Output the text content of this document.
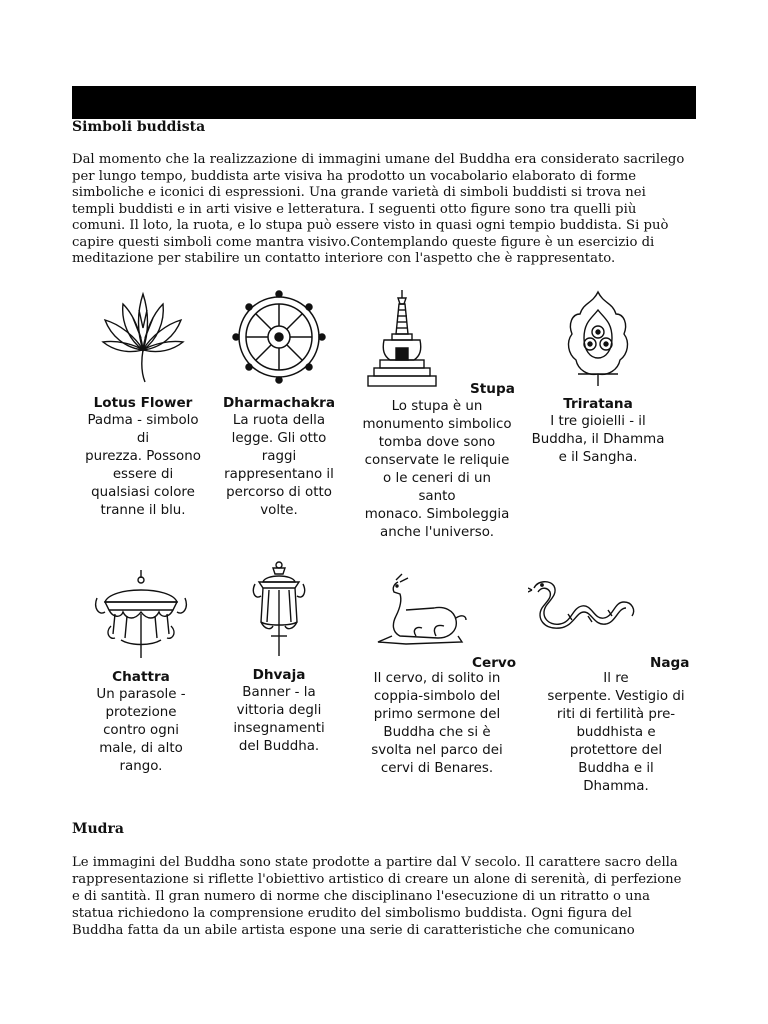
Simboli buddista
Dal momento che la realizzazione di immagini umane del Buddha era considerato sacrilego
per lungo tempo, buddista arte visiva ha prodotto un vocabolario elaborato di forme
simboliche e iconici di espressioni. Una grande varietà di simboli buddisti si trova nei
templi buddisti e in arti visive e letteratura. I seguenti otto figure sono tra quelli più
comuni. Il loto, la ruota, e lo stupa può essere visto in quasi ogni tempio buddista. Si può
capire questi simboli come mantra visivo.Contemplando queste figure è un esercizio di
meditazione per stabilire un contatto interiore con l'aspetto che è rappresentato.
Lotus Flower
Padma - simbolo
di
purezza. Possono
essere di
qualsiasi colore
tranne il blu.
Dharmachakra
La ruota della
legge. Gli otto
raggi
rappresentano il
percorso di otto
volte.
Stupa
Lo stupa è un
monumento simbolico
tomba dove sono
conservate le reliquie
o le ceneri di un
santo
monaco. Simboleggia
anche l'universo.
Triratana
I tre gioielli - il
Buddha, il Dhamma
e il Sangha.
Chattra
Un parasole -
protezione
contro ogni
male, di alto
rango.
Dhvaja
Banner - la
vittoria degli
insegnamenti
del Buddha.
Cervo
Il cervo, di solito in
coppia-simbolo del
primo sermone del
Buddha che si è
svolta nel parco dei
cervi di Benares.
Naga
Il re
serpente. Vestigio di
riti di fertilità pre-
buddhista e
protettore del
Buddha e il
Dhamma.
Mudra
Le immagini del Buddha sono state prodotte a partire dal V secolo. Il carattere sacro della
rappresentazione si riflette l'obiettivo artistico di creare un alone di serenità, di perfezione
e di santità. Il gran numero di norme che disciplinano l'esecuzione di un ritratto o una
statua richiedono la comprensione erudito del simbolismo buddista. Ogni figura del
Buddha fatta da un abile artista espone una serie di caratteristiche che comunicano
